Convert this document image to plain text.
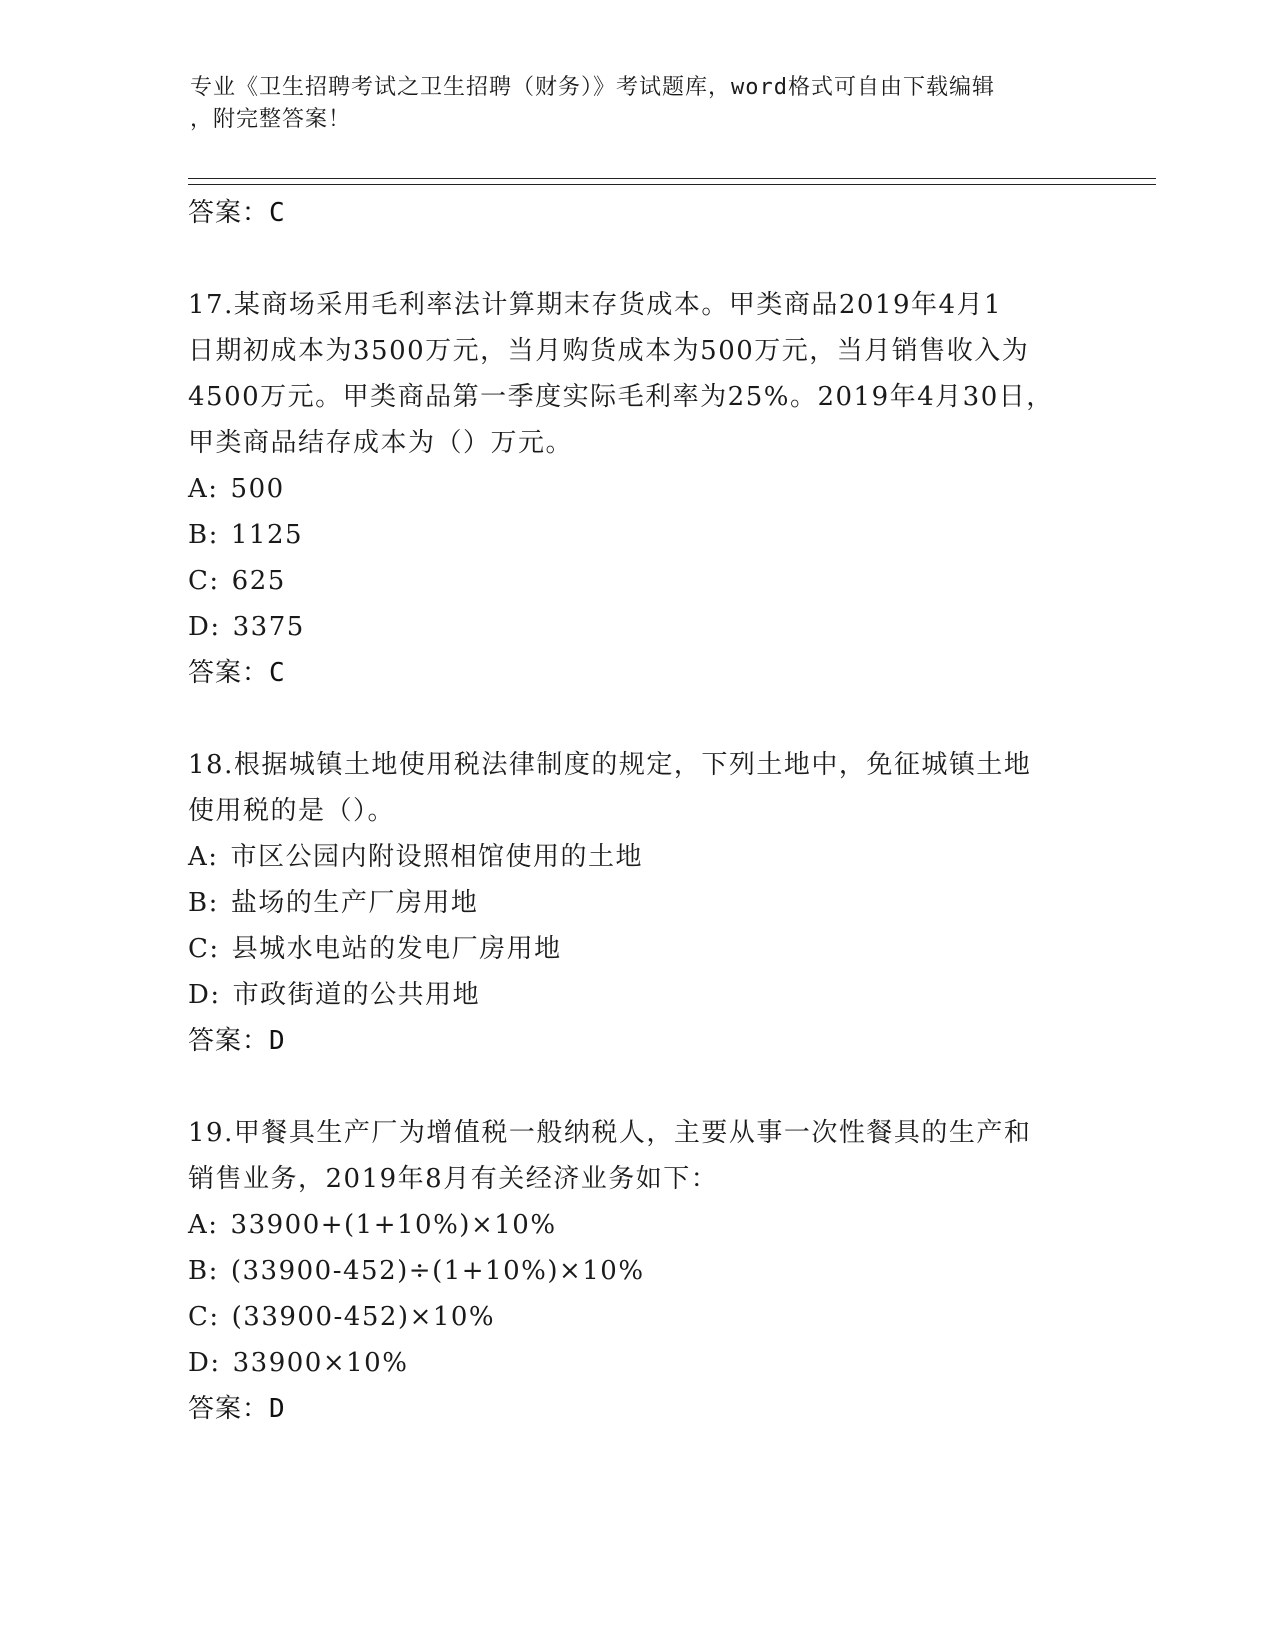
专业《卫生招聘考试之卫生招聘（财务）》考试题库，word格式可自由下载编辑
，附完整答案！
答案：C
17.某商场采用毛利率法计算期末存货成本。甲类商品2019年4月1
日期初成本为3500万元，当月购货成本为500万元，当月销售收入为
4500万元。甲类商品第一季度实际毛利率为25%。2019年4月30日，
甲类商品结存成本为（）万元。
A: 500
B: 1125
C: 625
D: 3375
答案：C
18.根据城镇土地使用税法律制度的规定，下列土地中，免征城镇土地
使用税的是（）。
A: 市区公园内附设照相馆使用的土地
B: 盐场的生产厂房用地
C: 县城水电站的发电厂房用地
D: 市政街道的公共用地
答案：D
19.甲餐具生产厂为增值税一般纳税人，主要从事一次性餐具的生产和
销售业务，2019年8月有关经济业务如下：
A: 33900+(1+10%)×10%
B: (33900-452)÷(1+10%)×10%
C: (33900-452)×10%
D: 33900×10%
答案：D
